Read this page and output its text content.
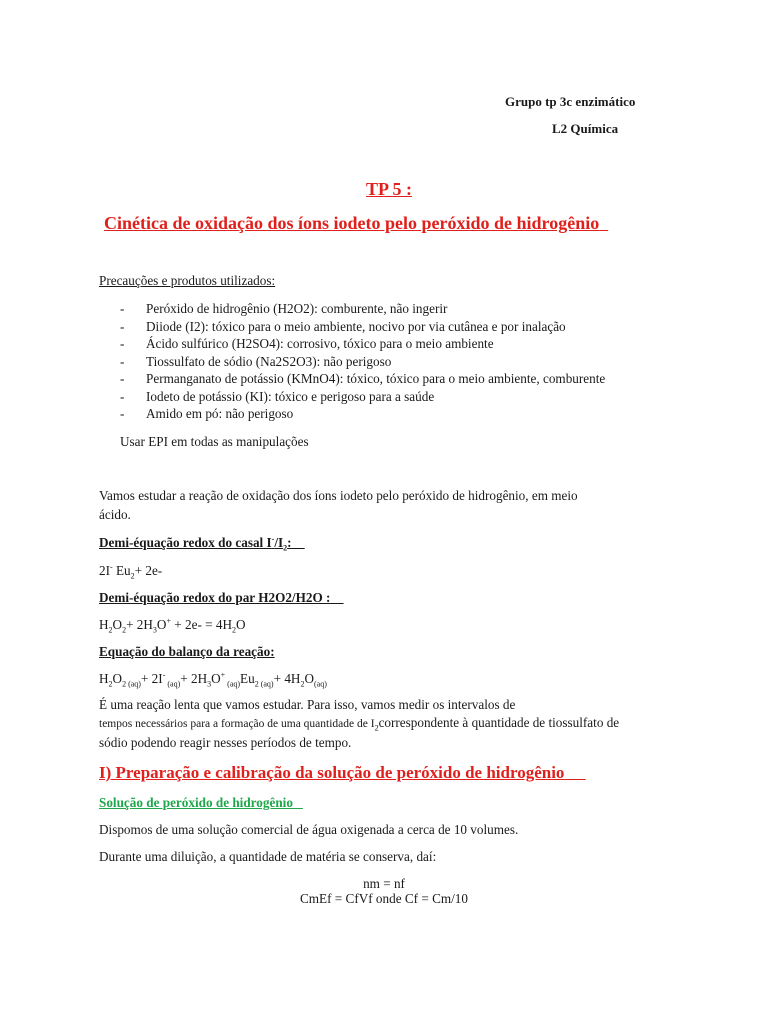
Grupo tp 3c enzimático
L2 Química
TP 5 :
Cinética de oxidação dos íons iodeto pelo peróxido de hidrogênio
Precauções e produtos utilizados:
- Peróxido de hidrogênio (H2O2): comburente, não ingerir
- Diiode (I2): tóxico para o meio ambiente, nocivo por via cutânea e por inalação
- Ácido sulfúrico (H2SO4): corrosivo, tóxico para o meio ambiente
- Tiossulfato de sódio (Na2S2O3): não perigoso
- Permanganato de potássio (KMnO4): tóxico, tóxico para o meio ambiente, comburente
- Iodeto de potássio (KI): tóxico e perigoso para a saúde
- Amido em pó: não perigoso
Usar EPI em todas as manipulações
Vamos estudar a reação de oxidação dos íons iodeto pelo peróxido de hidrogênio, em meio
ácido.
Demi-équação redox do casal $I^-/I_2$:
2I- $Eu_2+ 2e-$
Demi-équação redox do par H2O2/H2O :
$H_2O_2+ 2H_3O^+ + 2e- = 4H_2O$
Equação do balanço da reação:
$H_2O_{2 (aq)}+ 2I^-$ $_{(aq)}+ 2H_3O^+$ $_{(aq)}Eu_{2 (aq)}+ 4H_2O_{(aq)}$
É uma reação lenta que vamos estudar. Para isso, vamos medir os intervalos de
tempos necessários para a formação de uma quantidade de $I_2correspondente$ à quantidade de tiossulfato de
sódio podendo reagir nesses períodos de tempo.
I) Preparação e calibração da solução de peróxido de hidrogênio
Solução de peróxido de hidrogênio
Dispomos de uma solução comercial de água oxigenada a cerca de 10 volumes.
Durante uma diluição, a quantidade de matéria se conserva, daí:
nm = nf
CmEf = CfVf onde Cf = Cm/10
